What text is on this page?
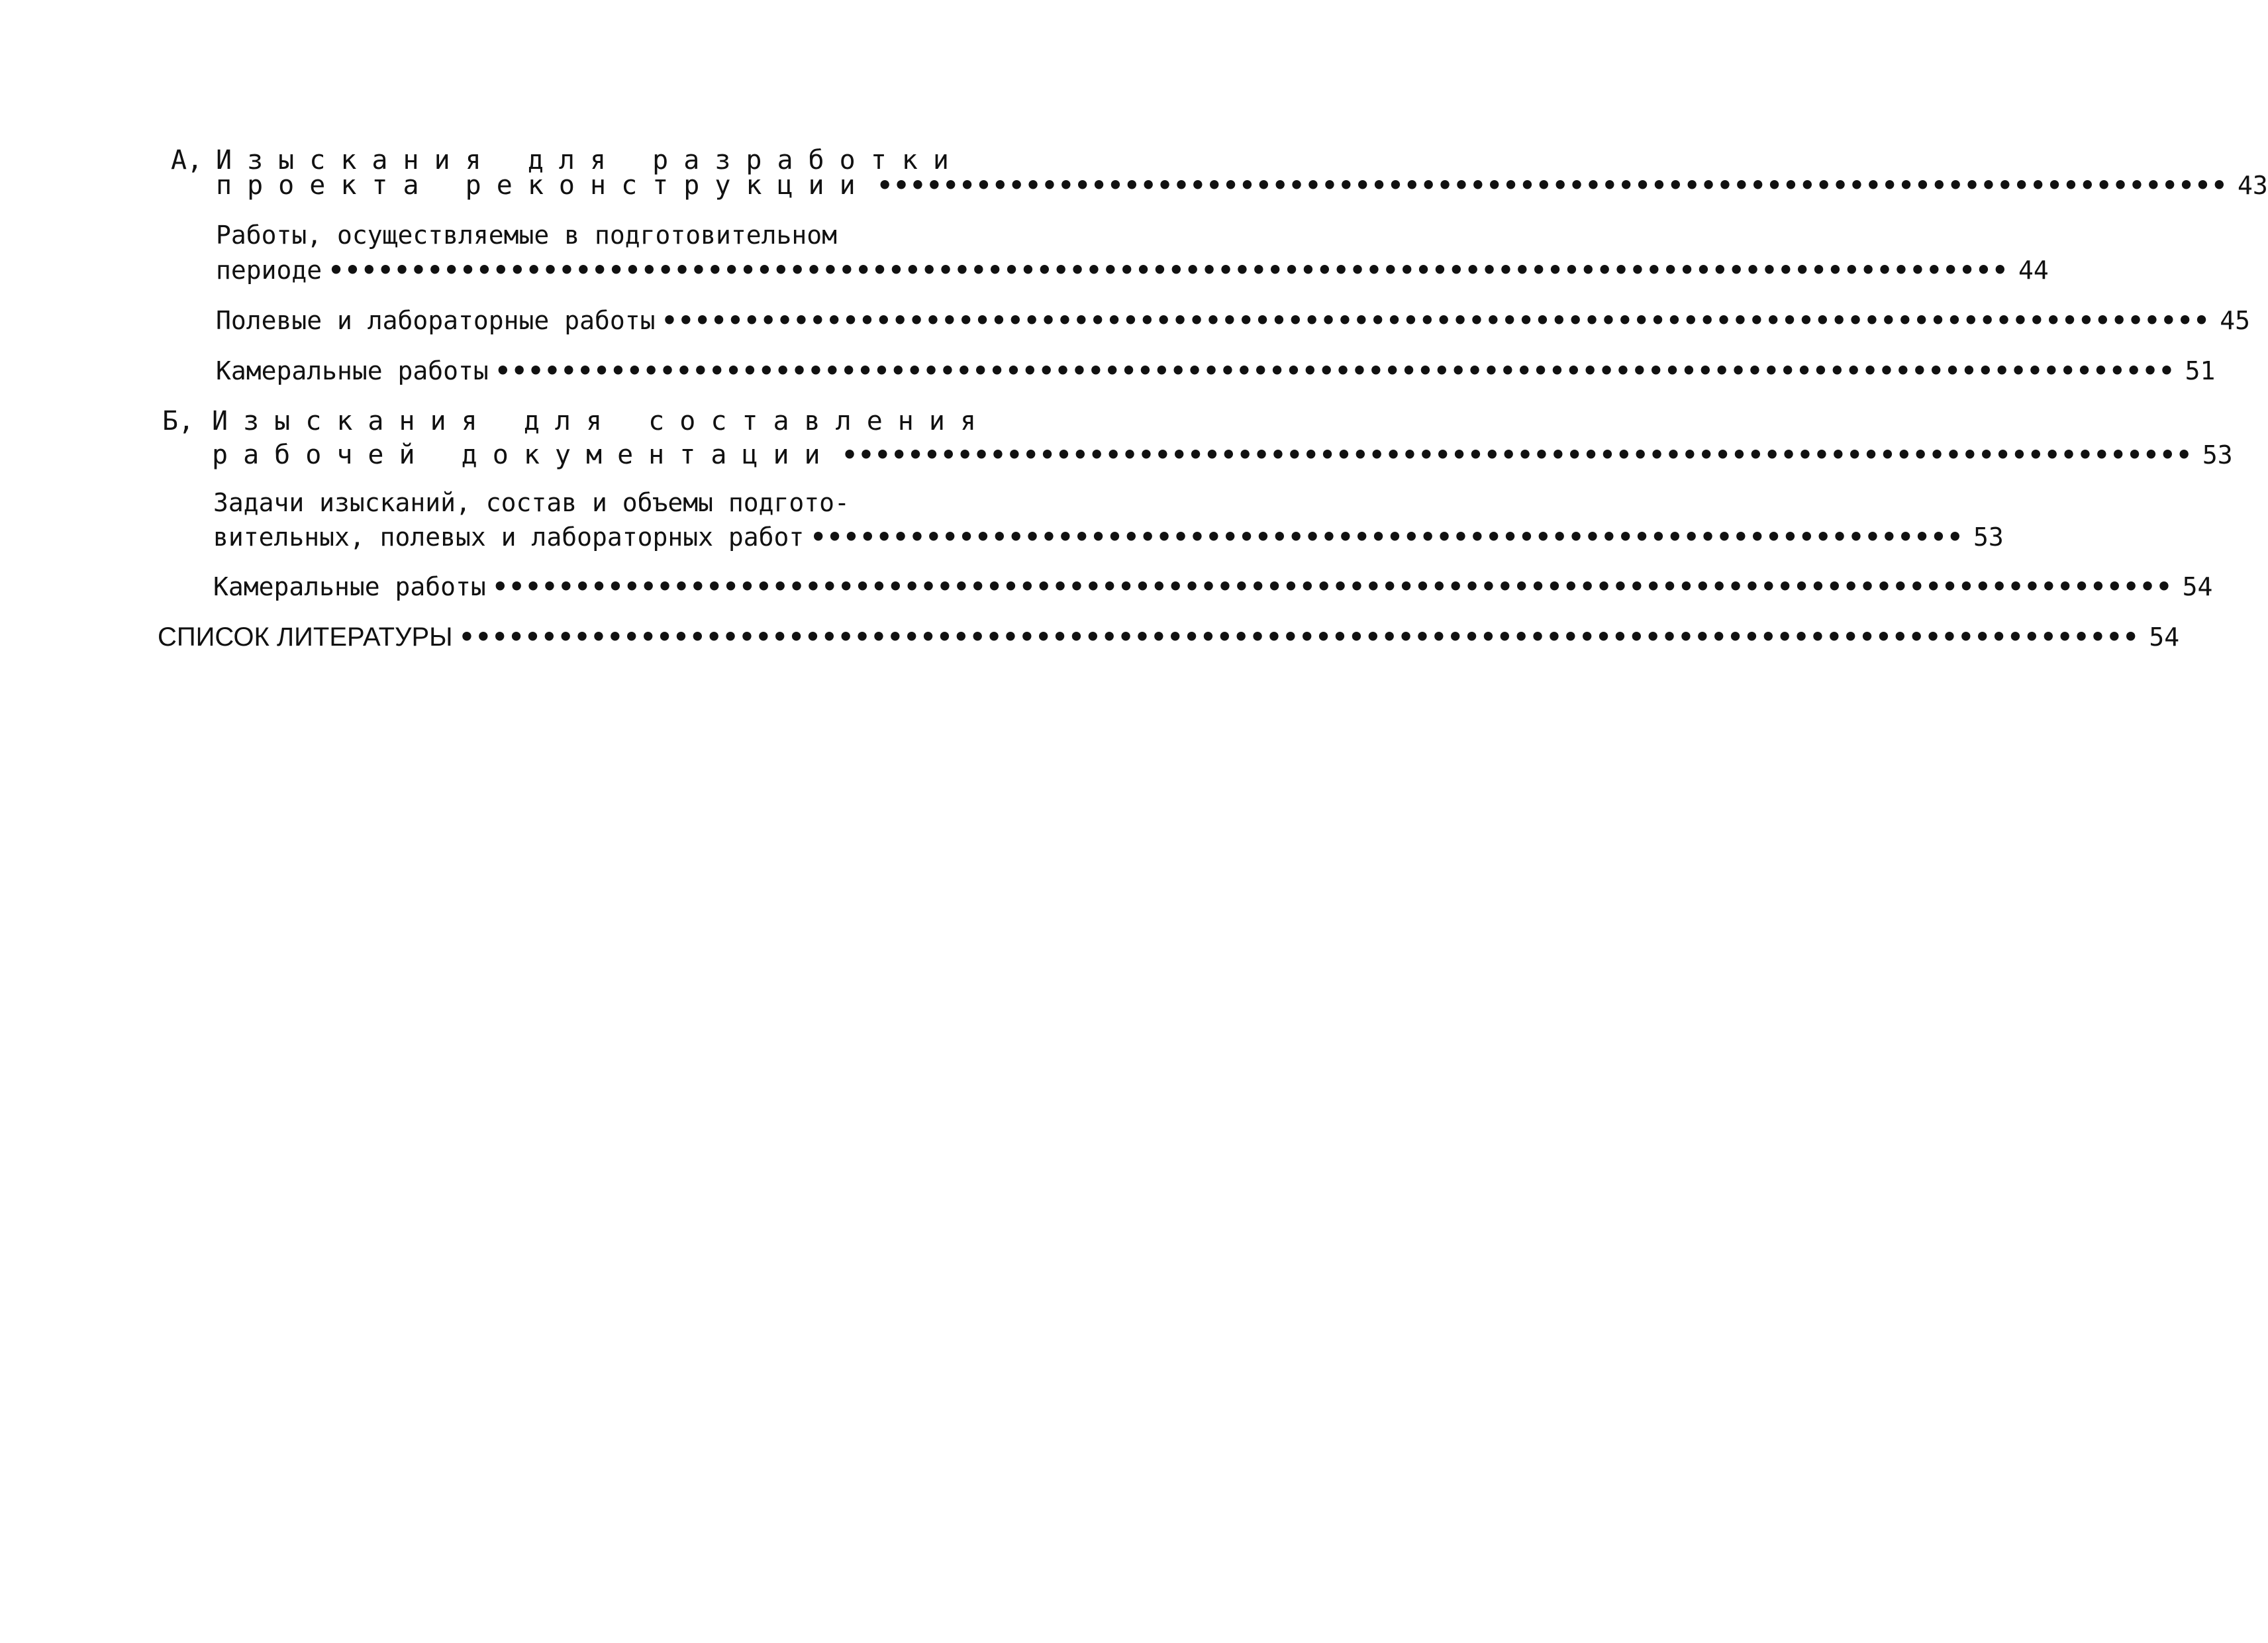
А, Изыскания для разработки
проекта реконструкции •••••••••••••••••••••••••••••••••••••••••••••••••••••••••••••••••••••••••••••••••• 43
Работы, осуществляемые в подготовительном
периоде •••••••••••••••••••••••••••••••••••••••••••••••••••••••••••••••••••••••••••••••••••••••••••••••••••••• 44
Полевые и лабораторные работы •••••••••••••••••••••••••••••••••••••••••••••••••••••••••••••••••••••••••••••••••••••••••••••• 45
Камеральные работы •••••••••••••••••••••••••••••••••••••••••••••••••••••••••••••••••••••••••••••••••••••••••••••••••••••• 51
Б, Изыскания для составления
рабочей документации •••••••••••••••••••••••••••••••••••••••••••••••••••••••••••••••••••••••••••••••••• 53
Задачи изысканий, состав и объемы подгото-
вительных, полевых и лабораторных работ •••••••••••••••••••••••••••••••••••••••••••••••••••••••••••••••••••••• 53
Камеральные работы •••••••••••••••••••••••••••••••••••••••••••••••••••••••••••••••••••••••••••••••••••••••••••••••••••••• 54
СПИСОК ЛИТЕРАТУРЫ •••••••••••••••••••••••••••••••••••••••••••••••••••••••••••••••••••••••••••••••••••••••••••••••••••••• 54
